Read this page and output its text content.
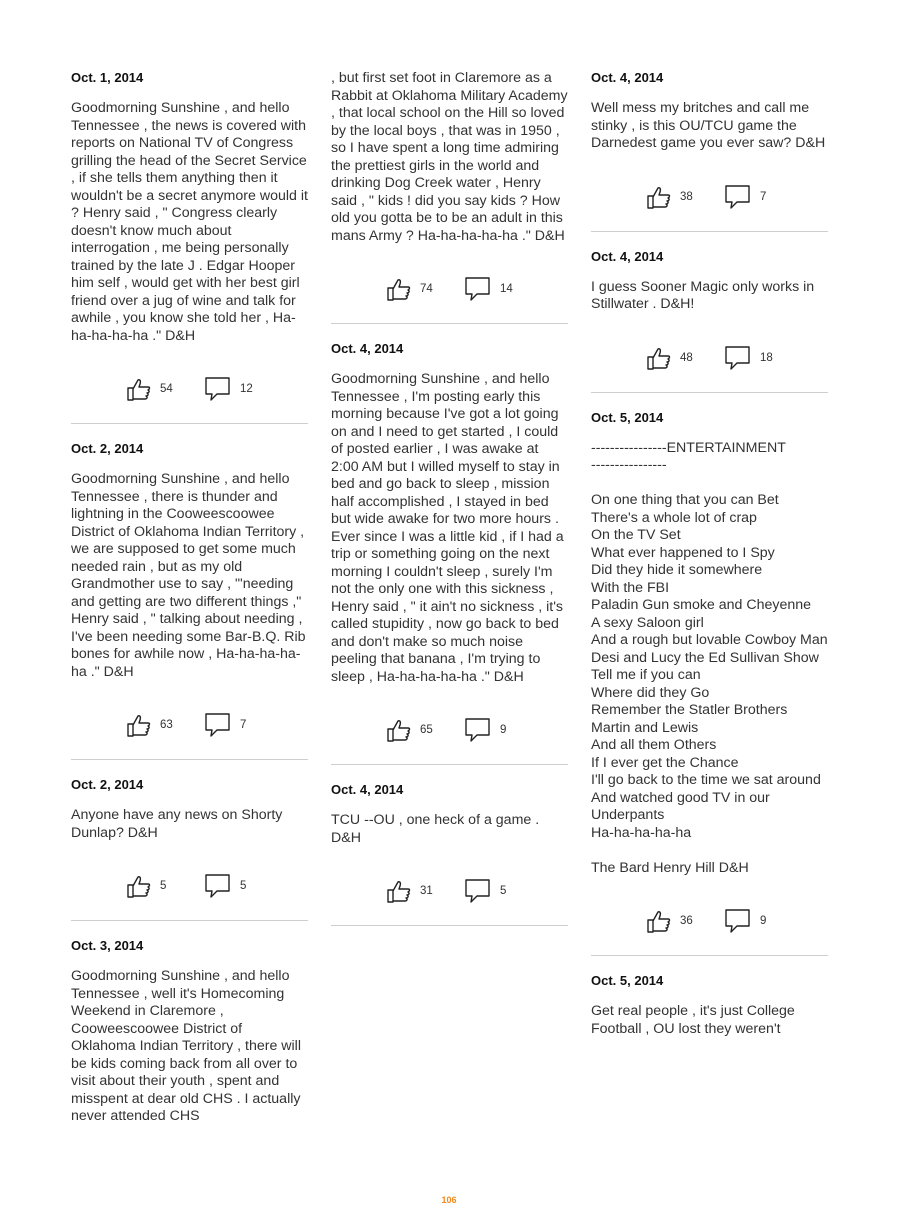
Oct. 1, 2014
Goodmorning Sunshine , and hello Tennessee , the news is covered with reports on National TV of Congress grilling the head of the Secret Service , if she tells them anything then it wouldn't be a secret anymore would it ? Henry said , " Congress clearly doesn't know much about interrogation , me being personally trained by the late J . Edgar Hooper him self , would get with her best girl friend over a jug of wine and talk for awhile , you know she told her , Ha-ha-ha-ha-ha ." D&H
54	12
Oct. 2, 2014
Goodmorning Sunshine , and hello Tennessee , there is thunder and lightning in the Cooweescoowee District of Oklahoma Indian Territory , we are supposed to get some much needed rain , but as my old Grandmother use to say , "'needing and getting are two different things ," Henry said , " talking about needing , I've been needing some Bar-B.Q. Rib bones for awhile now , Ha-ha-ha-ha-ha ." D&H
63	7
Oct. 2, 2014
Anyone have any news on Shorty Dunlap? D&H
5	5
Oct. 3, 2014
Goodmorning Sunshine , and hello Tennessee , well it's Homecoming Weekend in Claremore , Cooweescoowee District of Oklahoma Indian Territory , there will be kids coming back from all over to visit about their youth , spent and misspent at dear old CHS . I actually never attended CHS
, but first set foot in Claremore as a Rabbit at Oklahoma Military Academy , that local school on the Hill so loved by the local boys , that was in 1950 , so I have spent a long time admiring the prettiest girls in the world and drinking Dog Creek water , Henry said , " kids ! did you say kids ? How old you gotta be to be an adult in this mans Army ? Ha-ha-ha-ha-ha ." D&H
74	14
Oct. 4, 2014
Goodmorning Sunshine , and hello Tennessee , I'm posting early this morning because I've got a lot going on and I need to get started , I could of posted earlier , I was awake at 2:00 AM but I willed myself to stay in bed and go back to sleep , mission half accomplished , I stayed in bed but wide awake for two more hours . Ever since I was a little kid , if I had a trip or something going on the next morning I couldn't sleep , surely I'm not the only one with this sickness , Henry said , " it ain't no sickness , it's called stupidity , now go back to bed and don't make so much noise peeling that banana , I'm trying to sleep , Ha-ha-ha-ha-ha ." D&H
65	9
Oct. 4, 2014
TCU --OU , one heck of a game . D&H
31	5
Oct. 4, 2014
Well mess my britches and call me stinky , is this OU/TCU game the Darnedest game you ever saw? D&H
38	7
Oct. 4, 2014
I guess Sooner Magic only works in Stillwater . D&H!
48	18
Oct. 5, 2014
----------------ENTERTAINMENT
----------------

On one thing that you can Bet
There's a whole lot of crap
On the TV Set
What ever happened to I Spy
Did they hide it somewhere
With the FBI
Paladin Gun smoke and Cheyenne
A sexy Saloon girl
And a rough but lovable Cowboy Man
Desi and Lucy the Ed Sullivan Show
Tell me if you can
Where did they Go
Remember the Statler Brothers
Martin and Lewis
And all them Others
If I ever get the Chance
I'll go back to the time we sat around
And watched good TV in our Underpants
Ha-ha-ha-ha-ha

The Bard Henry Hill D&H
36	9
Oct. 5, 2014
Get real people , it's just College Football , OU lost they weren't
106
